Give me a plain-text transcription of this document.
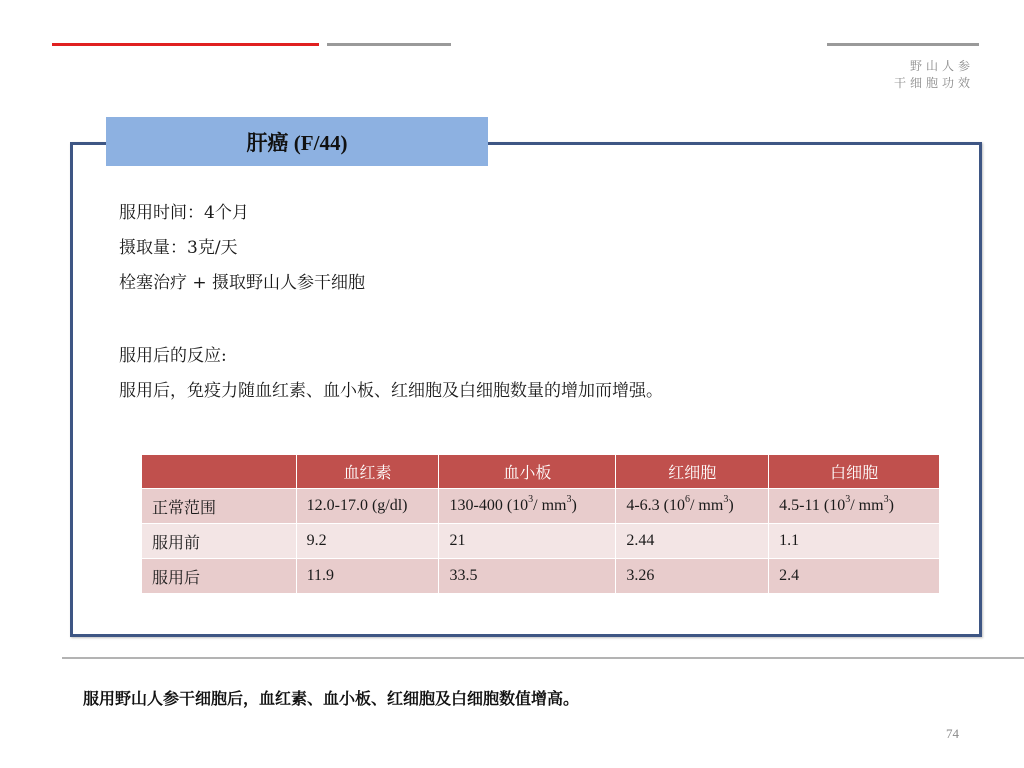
野山人参
干细胞功效
肝癌 (F/44)
服用时间：4个月
摄取量：3克/天
栓塞治疗 + 摄取野山人参干细胞
服用后的反应:
服用后，免疫力随血红素、血小板、红细胞及白细胞数量的增加而增强。
	血红素	血小板	红细胞	白细胞
正常范围	12.0-17.0 (g/dl)	130-400 ($10^3/$ $mm^3$)	4-6.3 ($10^6/$ $mm^3$)	4.5-11 ($10^3/$ $mm^3$)
服用前	9.2	21	2.44	1.1
服用后	11.9	33.5	3.26	2.4
服用野山人参干细胞后，血红素、血小板、红细胞及白细胞数值增高。
74
